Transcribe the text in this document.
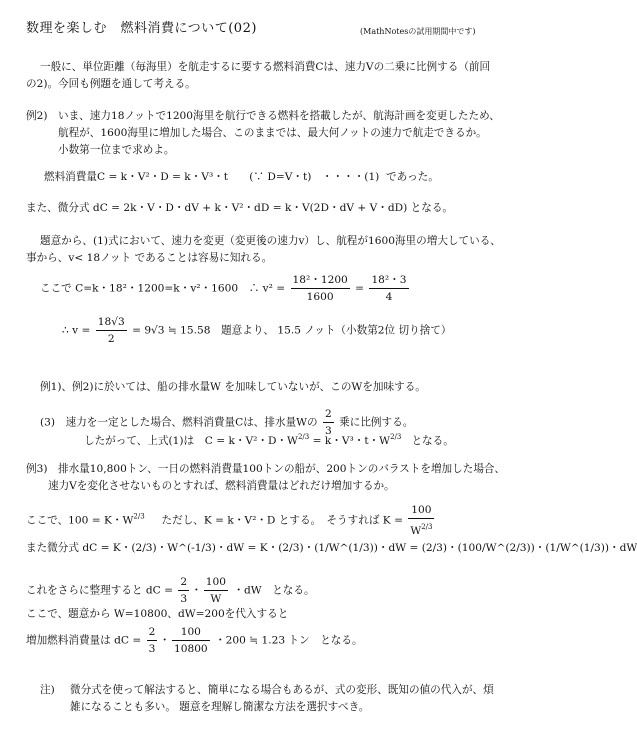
数理を楽しむ　燃料消費について(02)	(MathNotesの試用期間中です)
一般に、単位距離（毎海里）を航走するに要する燃料消費Cは、速力Vの二乗に比例する（前回
の2)。今回も例題を通して考える。
例2) いま、速力18ノットで1200海里を航行できる燃料を搭載したが、航海計画を変更したため、
航程が、1600海里に増加した場合、このままでは、最大何ノットの速力で航走できるか。
小数第一位まで求めよ。
燃料消費量C = k・V²・D = k・V³・t　　(∵ D=V・t)　・・・・(1) であった。
また、微分式 dC = 2k・V・D・dV + k・V²・dD = k・V(2D・dV + V・dD) となる。
題意から、(1)式において、速力を変更（変更後の速力v）し、航程が1600海里の増大している、
事から、v< 18ノット であることは容易に知れる。
ここで C=k・18²・1200=k・v²・1600　∴ $v^2 = \frac{\text{18²・1200}}{1600} = \frac{\text{18²・3}}{4}$
∴ $v = \frac{18√3}{2} = 9√3$ ≒ 15.58　題意より、 15.5 ノット（小数第2位 切り捨て）
例1)、例2)に於いては、船の排水量W を加味していないが、このWを加味する。
(3)　速力を一定とした場合、燃料消費量Cは、排水量Wの $\frac{2}{3}$ 乗に比例する。
したがって、上式(1)は　C = k・V²・D・$W^{2/3} = k$・V³・t・$W^{2/3}$ となる。
例3) 排水量10,800トン、一日の燃料消費量100トンの船が、200トンのバラストを増加した場合、
速力Vを変化させないものとすれば、燃料消費量はどれだけ増加するか。
ここで、100 = K・$W^{2/3}$ ただし、K = k・V²・D とする。　そうすれば $K = \frac{100}{W^{2/3}}$
また微分式 dC = K・(2/3)・W^(-1/3)・dW = K・(2/3)・(1/W^(1/3))・dW = (2/3)・(100/W^(2/3))・(1/W^(1/3))・dW
これをさらに整理すると dC = $\frac{2}{3}$ ・ $\frac{100}{W}$ ・dW　となる。
ここで、題意から W=10800、dW=200を代入すると
増加燃料消費量は dC = $\frac{2}{3}$ ・ $\frac{100}{10800}$ ・200 ≒ 1.23 トン　となる。
注) 微分式を使って解法すると、簡単になる場合もあるが、式の変形、既知の値の代入が、煩
雑になることも多い。 題意を理解し簡潔な方法を選択すべき。
